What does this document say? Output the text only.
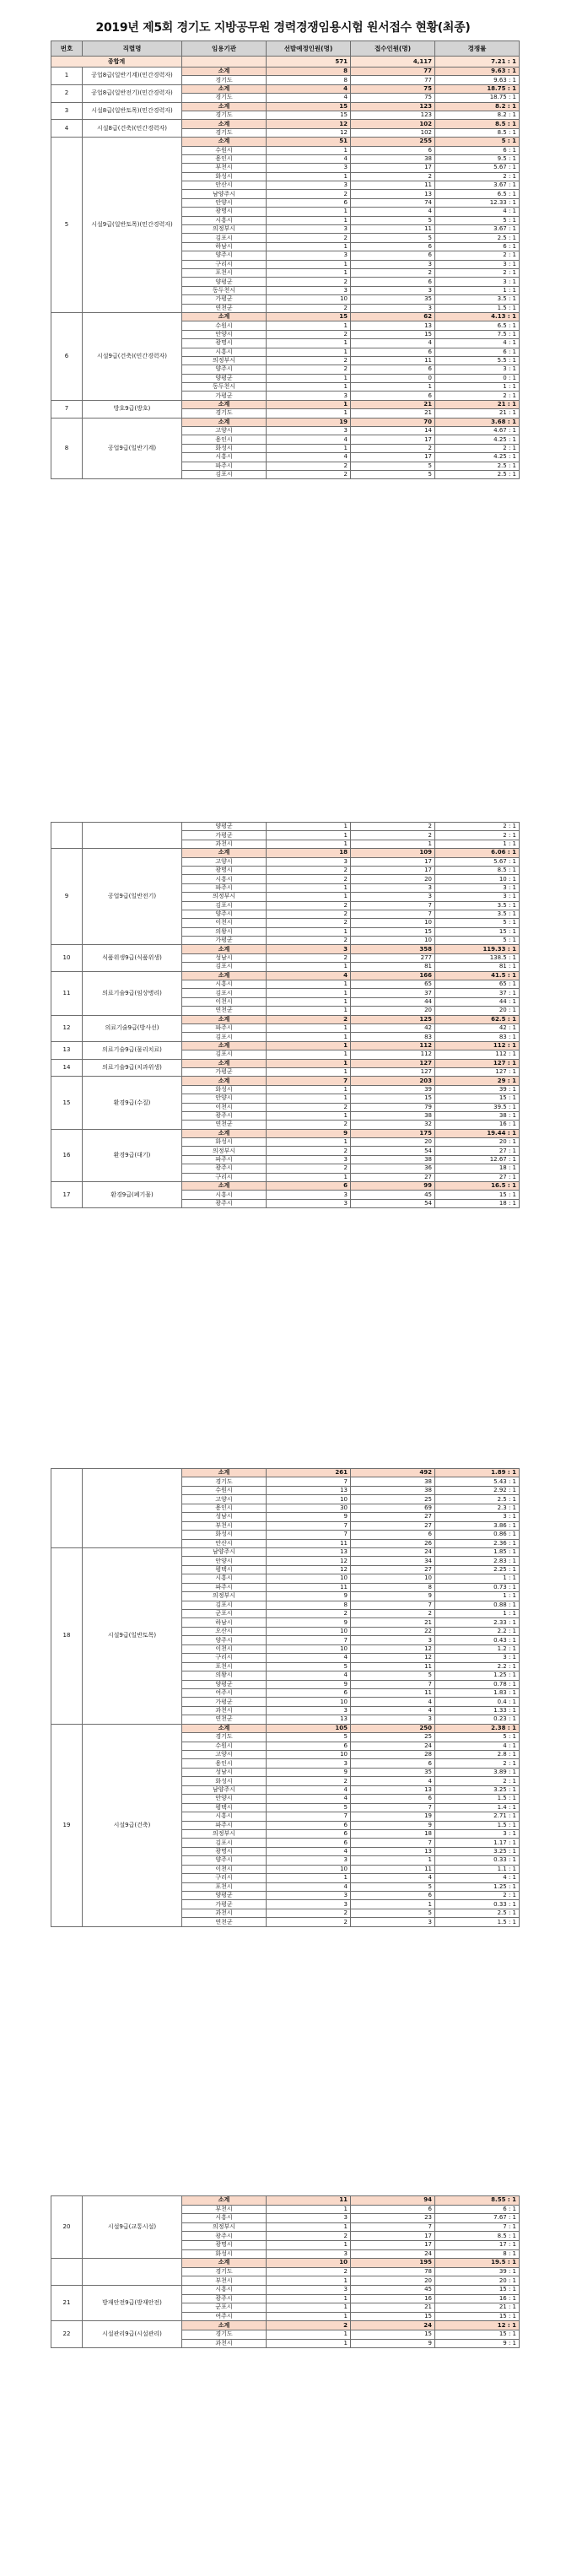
2019년 제5회 경기도 지방공무원 경력경쟁임용시험 원서접수 현황(최종)
번호	직렬명	임용기관	선발예정인원(명)	접수인원(명)	경쟁률
종합계			571	4,117	7.21 : 1
1	공업8급(일반기계)(민간경력자)	소계	8	77	9.63 : 1
		경기도	8	77	9.63 : 1
2	공업8급(일반전기)(민간경력자)	소계	4	75	18.75 : 1
		경기도	4	75	18.75 : 1
3	시설8급(일반토목)(민간경력자)	소계	15	123	8.2 : 1
		경기도	15	123	8.2 : 1
4	시설8급(건축)(민간경력자)	소계	12	102	8.5 : 1
		경기도	12	102	8.5 : 1
5	시설9급(일반토목)(민간경력자)	소계	51	255	5 : 1
		수원시	1	6	6 : 1
		용인시	4	38	9.5 : 1
		부천시	3	17	5.67 : 1
		화성시	1	2	2 : 1
		안산시	3	11	3.67 : 1
		남양주시	2	13	6.5 : 1
		안양시	6	74	12.33 : 1
		광명시	1	4	4 : 1
		시흥시	1	5	5 : 1
		의정부시	3	11	3.67 : 1
		김포시	2	5	2.5 : 1
		하남시	1	6	6 : 1
		양주시	3	6	2 : 1
		구리시	1	3	3 : 1
		포천시	1	2	2 : 1
		양평군	2	6	3 : 1
		동두천시	3	3	1 : 1
		가평군	10	35	3.5 : 1
		연천군	2	3	1.5 : 1
6	시설9급(건축)(민간경력자)	소계	15	62	4.13 : 1
		수원시	1	13	6.5 : 1
		안양시	2	15	7.5 : 1
		광명시	1	4	4 : 1
		시흥시	1	6	6 : 1
		의정부시	2	11	5.5 : 1
		양주시	2	6	3 : 1
		양평군	1	0	0 : 1
		동두천시	1	1	1 : 1
		가평군	3	6	2 : 1
7	방호9급(방호)	소계	1	21	21 : 1
		경기도	1	21	21 : 1
8	공업9급(일반기계)	소계	19	70	3.68 : 1
		고양시	3	14	4.67 : 1
		용인시	4	17	4.25 : 1
		화성시	1	2	2 : 1
		시흥시	4	17	4.25 : 1
		파주시	2	5	2.5 : 1
		김포시	2	5	2.5 : 1
		양평군	1	2	2 : 1
		가평군	1	2	2 : 1
		과천시	1	1	1 : 1
9	공업9급(일반전기)	소계	18	109	6.06 : 1
		고양시	3	17	5.67 : 1
		광명시	2	17	8.5 : 1
		시흥시	2	20	10 : 1
		파주시	1	3	3 : 1
		의정부시	1	3	3 : 1
		김포시	2	7	3.5 : 1
		양주시	2	7	3.5 : 1
		이천시	2	10	5 : 1
		의왕시	1	15	15 : 1
		가평군	2	10	5 : 1
10	식품위생9급(식품위생)	소계	3	358	119.33 : 1
		성남시	2	277	138.5 : 1
		김포시	1	81	81 : 1
11	의료기술9급(임상병리)	소계	4	166	41.5 : 1
		시흥시	1	65	65 : 1
		김포시	1	37	37 : 1
		이천시	1	44	44 : 1
		연천군	1	20	20 : 1
12	의료기술9급(방사선)	소계	2	125	62.5 : 1
		파주시	1	42	42 : 1
		김포시	1	83	83 : 1
13	의료기술9급(물리치료)	소계	1	112	112 : 1
		김포시	1	112	112 : 1
14	의료기술9급(치과위생)	소계	1	127	127 : 1
		가평군	1	127	127 : 1
15	환경9급(수질)	소계	7	203	29 : 1
		화성시	1	39	39 : 1
		안양시	1	15	15 : 1
		이천시	2	79	39.5 : 1
		광주시	1	38	38 : 1
		연천군	2	32	16 : 1
16	환경9급(대기)	소계	9	175	19.44 : 1
		화성시	1	20	20 : 1
		의정부시	2	54	27 : 1
		파주시	3	38	12.67 : 1
		광주시	2	36	18 : 1
		구리시	1	27	27 : 1
17	환경9급(폐기물)	소계	6	99	16.5 : 1
		시흥시	3	45	15 : 1
		광주시	3	54	18 : 1
		소계	261	492	1.89 : 1
		경기도	7	38	5.43 : 1
		수원시	13	38	2.92 : 1
		고양시	10	25	2.5 : 1
		용인시	30	69	2.3 : 1
		성남시	9	27	3 : 1
		부천시	7	27	3.86 : 1
		화성시	7	6	0.86 : 1
		안산시	11	26	2.36 : 1
18	시설9급(일반토목)	남양주시	13	24	1.85 : 1
		안양시	12	34	2.83 : 1
		평택시	12	27	2.25 : 1
		시흥시	10	10	1 : 1
		파주시	11	8	0.73 : 1
		의정부시	9	9	1 : 1
		김포시	8	7	0.88 : 1
		군포시	2	2	1 : 1
		하남시	9	21	2.33 : 1
		오산시	10	22	2.2 : 1
		양주시	7	3	0.43 : 1
		이천시	10	12	1.2 : 1
		구리시	4	12	3 : 1
		포천시	5	11	2.2 : 1
		의왕시	4	5	1.25 : 1
		양평군	9	7	0.78 : 1
		여주시	6	11	1.83 : 1
		가평군	10	4	0.4 : 1
		과천시	3	4	1.33 : 1
		연천군	13	3	0.23 : 1
19	시설9급(건축)	소계	105	250	2.38 : 1
		경기도	5	25	5 : 1
		수원시	6	24	4 : 1
		고양시	10	28	2.8 : 1
		용인시	3	6	2 : 1
		성남시	9	35	3.89 : 1
		화성시	2	4	2 : 1
		남양주시	4	13	3.25 : 1
		안양시	4	6	1.5 : 1
		평택시	5	7	1.4 : 1
		시흥시	7	19	2.71 : 1
		파주시	6	9	1.5 : 1
		의정부시	6	18	3 : 1
		김포시	6	7	1.17 : 1
		광명시	4	13	3.25 : 1
		양주시	3	1	0.33 : 1
		이천시	10	11	1.1 : 1
		구리시	1	4	4 : 1
		포천시	4	5	1.25 : 1
		양평군	3	6	2 : 1
		가평군	3	1	0.33 : 1
		과천시	2	5	2.5 : 1
		연천군	2	3	1.5 : 1
20	시설9급(교통시설)	소계	11	94	8.55 : 1
		부천시	1	6	6 : 1
		시흥시	3	23	7.67 : 1
		의정부시	1	7	7 : 1
		광주시	2	17	8.5 : 1
		광명시	1	17	17 : 1
		화성시	3	24	8 : 1
		소계	10	195	19.5 : 1
		경기도	2	78	39 : 1
		부천시	1	20	20 : 1
21	방재안전9급(방재안전)	시흥시	3	45	15 : 1
		광주시	1	16	16 : 1
		군포시	1	21	21 : 1
		여주시	1	15	15 : 1
22	시설관리9급(시설관리)	소계	2	24	12 : 1
		경기도	1	15	15 : 1
		과천시	1	9	9 : 1
